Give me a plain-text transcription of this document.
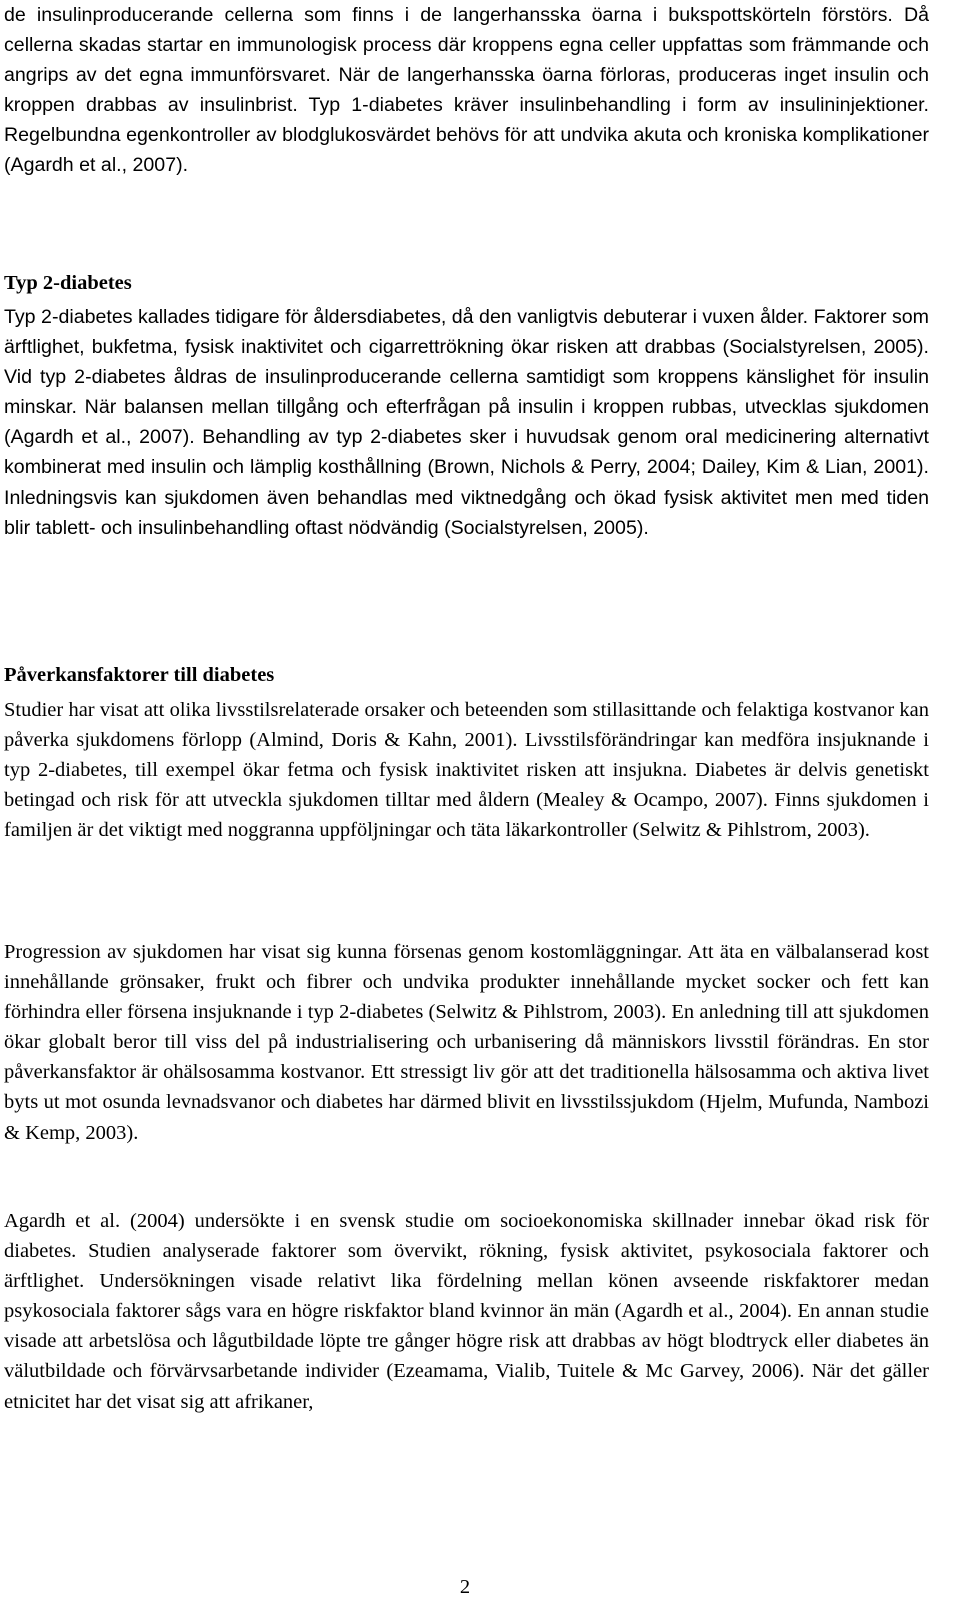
de insulinproducerande cellerna som finns i de langerhansska öarna i bukspottskörteln förstörs. Då cellerna skadas startar en immunologisk process där kroppens egna celler uppfattas som främmande och angrips av det egna immunförsvaret. När de langerhansska öarna förloras, produceras inget insulin och kroppen drabbas av insulinbrist. Typ 1-diabetes kräver insulinbehandling i form av insulininjektioner. Regelbundna egenkontroller av blodglukosvärdet behövs för att undvika akuta och kroniska komplikationer (Agardh et al., 2007).

Typ 2-diabetes

Typ 2-diabetes kallades tidigare för åldersdiabetes, då den vanligtvis debuterar i vuxen ålder. Faktorer som ärftlighet, bukfetma, fysisk inaktivitet och cigarrettrökning ökar risken att drabbas (Socialstyrelsen, 2005). Vid typ 2-diabetes åldras de insulinproducerande cellerna samtidigt som kroppens känslighet för insulin minskar. När balansen mellan tillgång och efterfrågan på insulin i kroppen rubbas, utvecklas sjukdomen (Agardh et al., 2007). Behandling av typ 2-diabetes sker i huvudsak genom oral medicinering alternativt kombinerat med insulin och lämplig kosthållning (Brown, Nichols & Perry, 2004; Dailey, Kim & Lian, 2001). Inledningsvis kan sjukdomen även behandlas med viktnedgång och ökad fysisk aktivitet men med tiden blir tablett- och insulinbehandling oftast nödvändig (Socialstyrelsen, 2005).

Påverkansfaktorer till diabetes

Studier har visat att olika livsstilsrelaterade orsaker och beteenden som stillasittande och felaktiga kostvanor kan påverka sjukdomens förlopp (Almind, Doris & Kahn, 2001). Livsstilsförändringar kan medföra insjuknande i typ 2-diabetes, till exempel ökar fetma och fysisk inaktivitet risken att insjukna. Diabetes är delvis genetiskt betingad och risk för att utveckla sjukdomen tilltar med åldern (Mealey & Ocampo, 2007). Finns sjukdomen i familjen är det viktigt med noggranna uppföljningar och täta läkarkontroller (Selwitz & Pihlstrom, 2003).

Progression av sjukdomen har visat sig kunna försenas genom kostomläggningar. Att äta en välbalanserad kost innehållande grönsaker, frukt och fibrer och undvika produkter innehållande mycket socker och fett kan förhindra eller försena insjuknande i typ 2-diabetes (Selwitz & Pihlstrom, 2003). En anledning till att sjukdomen ökar globalt beror till viss del på industrialisering och urbanisering då människors livsstil förändras. En stor påverkansfaktor är ohälsosamma kostvanor. Ett stressigt liv gör att det traditionella hälsosamma och aktiva livet byts ut mot osunda levnadsvanor och diabetes har därmed blivit en livsstilssjukdom (Hjelm, Mufunda, Nambozi & Kemp, 2003).

Agardh et al. (2004) undersökte i en svensk studie om socioekonomiska skillnader innebar ökad risk för diabetes. Studien analyserade faktorer som övervikt, rökning, fysisk aktivitet, psykosociala faktorer och ärftlighet. Undersökningen visade relativt lika fördelning mellan könen avseende riskfaktorer medan psykosociala faktorer sågs vara en högre riskfaktor bland kvinnor än män (Agardh et al., 2004). En annan studie visade att arbetslösa och lågutbildade löpte tre gånger högre risk att drabbas av högt blodtryck eller diabetes än välutbildade och förvärvsarbetande individer (Ezeamama, Vialib, Tuitele & Mc Garvey, 2006). När det gäller etnicitet har det visat sig att afrikaner,

2
